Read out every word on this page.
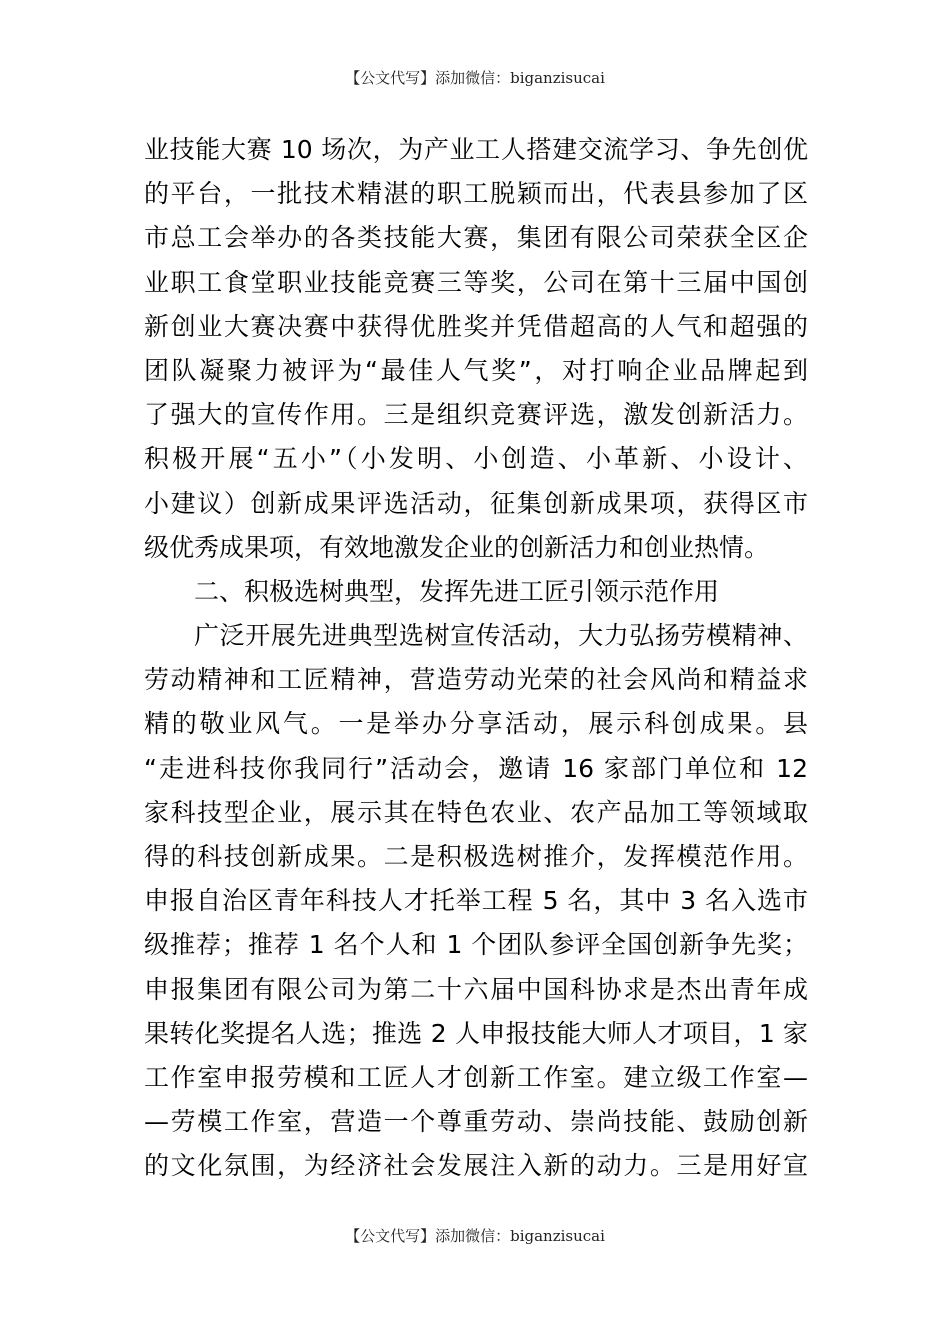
【公文代写】添加微信：biganzisucai
业技能大赛 10 场次，为产业工人搭建交流学习、争先创优
的平台，一批技术精湛的职工脱颖而出，代表县参加了区
市总工会举办的各类技能大赛，集团有限公司荣获全区企
业职工食堂职业技能竞赛三等奖，公司在第十三届中国创
新创业大赛决赛中获得优胜奖并凭借超高的人气和超强的
团队凝聚力被评为“最佳人气奖”，对打响企业品牌起到
了强大的宣传作用。三是组织竞赛评选，激发创新活力。
积极开展“五小”（小发明、小创造、小革新、小设计、
小建议）创新成果评选活动，征集创新成果项，获得区市
级优秀成果项，有效地激发企业的创新活力和创业热情。
二、积极选树典型，发挥先进工匠引领示范作用
广泛开展先进典型选树宣传活动，大力弘扬劳模精神、
劳动精神和工匠精神，营造劳动光荣的社会风尚和精益求
精的敬业风气。一是举办分享活动，展示科创成果。县
“走进科技你我同行”活动会，邀请 16 家部门单位和 12
家科技型企业，展示其在特色农业、农产品加工等领域取
得的科技创新成果。二是积极选树推介，发挥模范作用。
申报自治区青年科技人才托举工程 5 名，其中 3 名入选市
级推荐；推荐 1 名个人和 1 个团队参评全国创新争先奖；
申报集团有限公司为第二十六届中国科协求是杰出青年成
果转化奖提名人选；推选 2 人申报技能大师人才项目，1 家
工作室申报劳模和工匠人才创新工作室。建立级工作室—
—劳模工作室，营造一个尊重劳动、崇尚技能、鼓励创新
的文化氛围，为经济社会发展注入新的动力。三是用好宣
【公文代写】添加微信：biganzisucai
